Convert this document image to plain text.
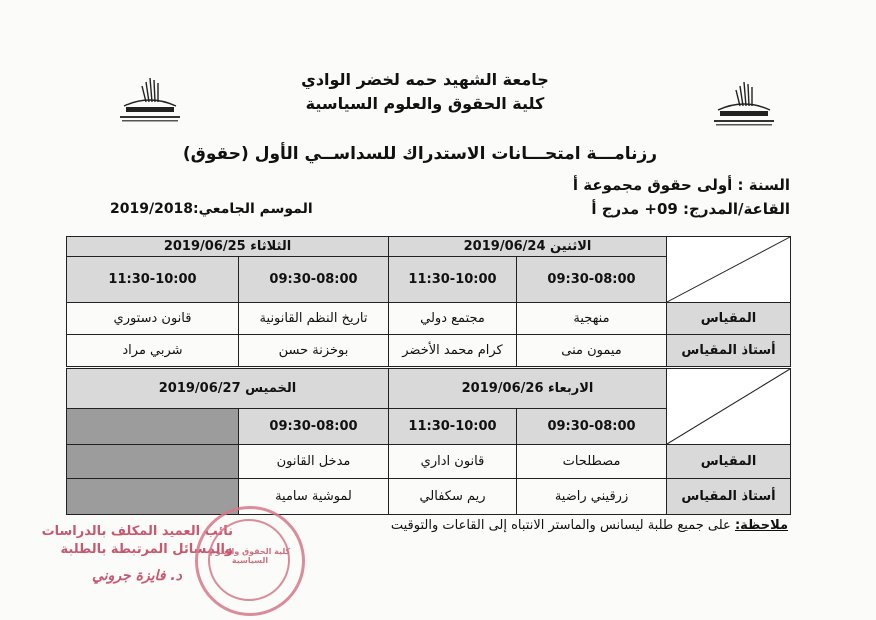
جامعة الشهيد حمه لخضر الوادي
كلية الحقوق والعلوم السياسية
رزنامـــة امتحـــانات الاستدراك للسداســي الأول (حقوق)
السنة : أولى حقوق مجموعة أ
القاعة/المدرج: 09+ مدرج أ
الموسم الجامعي:2019/2018
	الاثنين 2019/06/24		الثلاثاء 2019/06/25	
	09:30-08:00	11:30-10:00	09:30-08:00	11:30-10:00
المقياس	منهجية	مجتمع دولي	تاريخ النظم القانونية	قانون دستوري
أستاذ المقياس	ميمون منى	كرام محمد الأخضر	بوخزنة حسن	شربي مراد
	الاربعاء 2019/06/26		الخميس 2019/06/27	
	09:30-08:00	11:30-10:00	09:30-08:00	
المقياس	مصطلحات	قانون اداري	مدخل القانون	
أستاذ المقياس	زرقيني راضية	ريم سكفالي	لموشية سامية	
ملاحظة: على جميع طلبة ليسانس والماستر الانتباه إلى القاعات والتوقيت
نائب العميد المكلف بالدراسات
والمسائل المرتبطة بالطلبة
د. فايزة جروني
كلية الحقوق والعلوم السياسية
